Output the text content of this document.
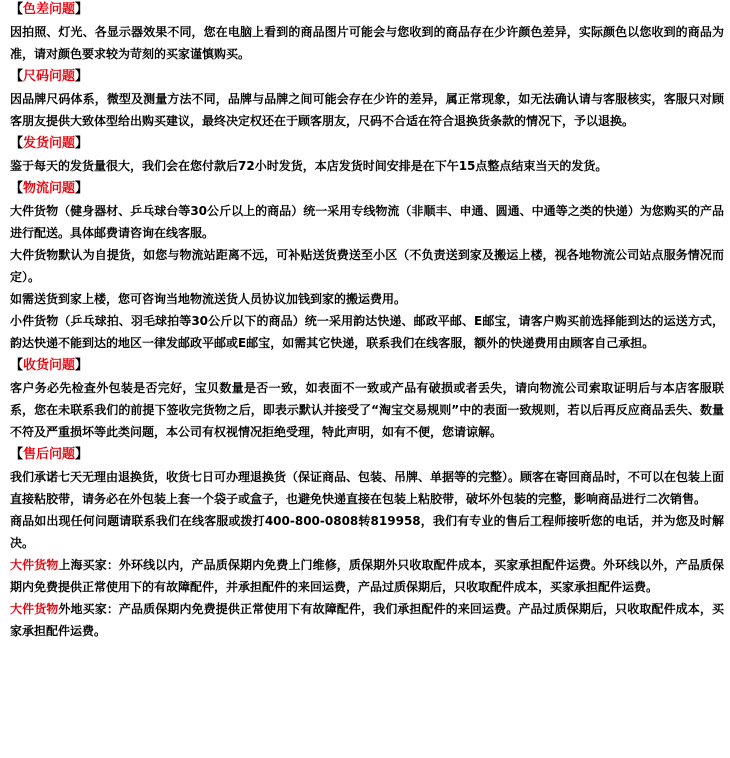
【色差问题】

因拍照、灯光、各显示器效果不同，您在电脑上看到的商品图片可能会与您收到的商品存在少许颜色差异，实际颜色以您收到的商品为准，请对颜色要求较为苛刻的买家谨慎购买。

【尺码问题】

因品牌尺码体系，微型及测量方法不同，品牌与品牌之间可能会存在少许的差异，属正常现象，如无法确认请与客服核实，客服只对顾客朋友提供大致体型给出购买建议，最终决定权还在于顾客朋友，尺码不合适在符合退换货条款的情况下，予以退换。

【发货问题】

鉴于每天的发货量很大，我们会在您付款后72小时发货，本店发货时间安排是在下午15点整点结束当天的发货。

【物流问题】

大件货物（健身器材、乒乓球台等30公斤以上的商品）统一采用专线物流（非顺丰、申通、圆通、中通等之类的快递）为您购买的产品进行配送。具体邮费请咨询在线客服。

大件货物默认为自提货，如您与物流站距离不远，可补贴送货费送至小区（不负责送到家及搬运上楼，视各地物流公司站点服务情况而定）。

如需送货到家上楼，您可咨询当地物流送货人员协议加钱到家的搬运费用。

小件货物（乒乓球拍、羽毛球拍等30公斤以下的商品）统一采用韵达快递、邮政平邮、E邮宝，请客户购买前选择能到达的运送方式，韵达快递不能到达的地区一律发邮政平邮或E邮宝，如需其它快递，联系我们在线客服，额外的快递费用由顾客自己承担。

【收货问题】

客户务必先检查外包装是否完好，宝贝数量是否一致，如表面不一致或产品有破损或者丢失，请向物流公司索取证明后与本店客服联系，您在未联系我们的前提下签收完货物之后，即表示默认并接受了“淘宝交易规则”中的表面一致规则，若以后再反应商品丢失、数量不符及严重损坏等此类问题，本公司有权视情况拒绝受理，特此声明，如有不便，您请谅解。

【售后问题】

我们承诺七天无理由退换货，收货七日可办理退换货（保证商品、包装、吊牌、单据等的完整）。顾客在寄回商品时，不可以在包装上面直接粘胶带，请务必在外包装上套一个袋子或盒子，也避免快递直接在包装上粘胶带，破坏外包装的完整，影响商品进行二次销售。

商品如出现任何问题请联系我们在线客服或拨打400-800-0808转819958，我们有专业的售后工程师接听您的电话，并为您及时解决。

大件货物上海买家：外环线以内，产品质保期内免费上门维修，质保期外只收取配件成本，买家承担配件运费。外环线以外，产品质保期内免费提供正常使用下的有故障配件，并承担配件的来回运费，产品过质保期后，只收取配件成本，买家承担配件运费。

大件货物外地买家：产品质保期内免费提供正常使用下有故障配件，我们承担配件的来回运费。产品过质保期后，只收取配件成本，买家承担配件运费。
